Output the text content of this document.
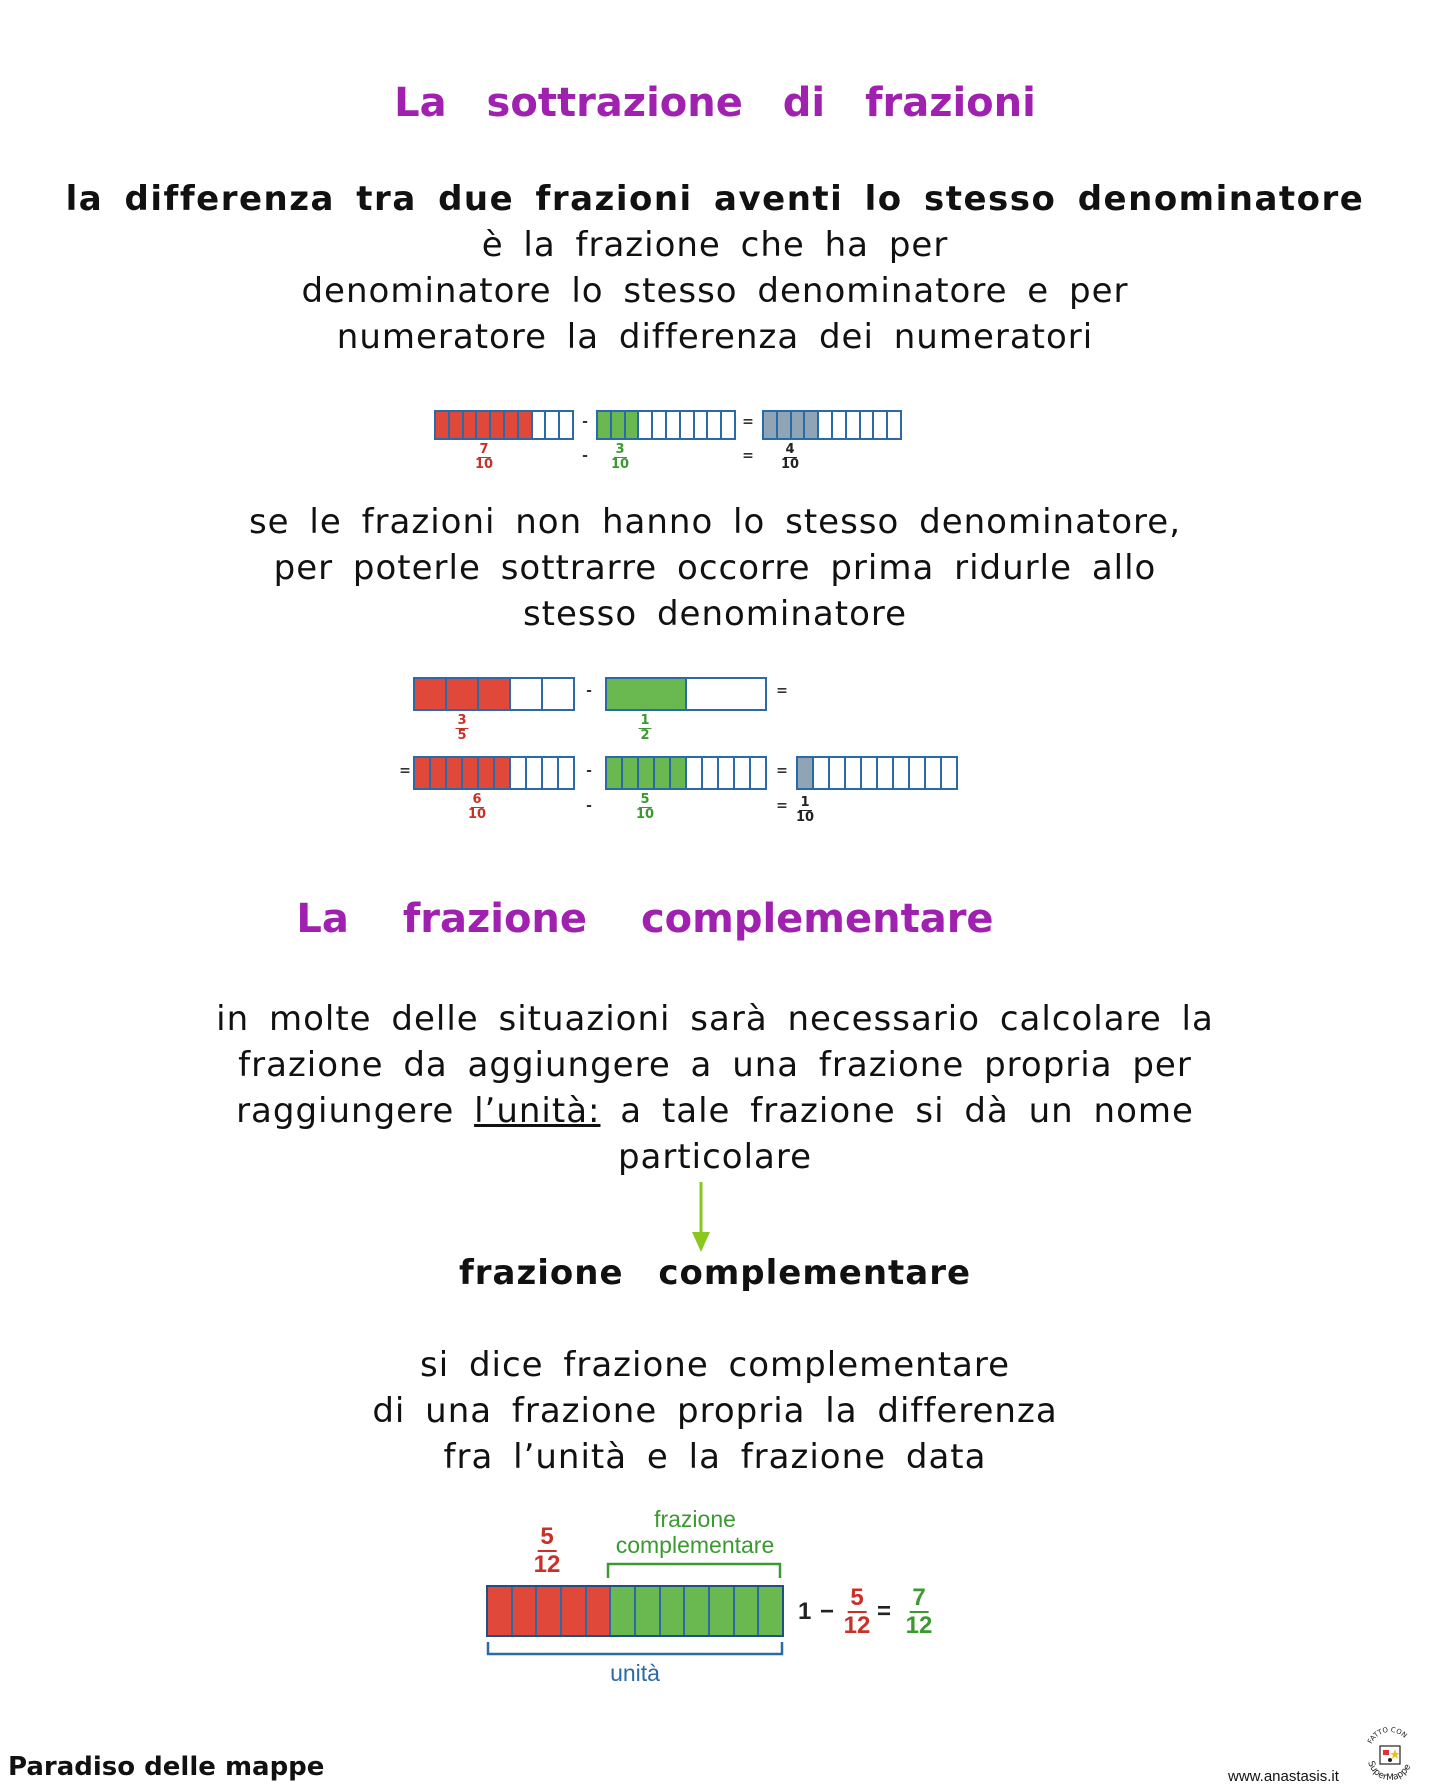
La sottrazione di frazioni
la differenza tra due frazioni aventi lo stesso denominatore
è la frazione che ha per
denominatore lo stesso denominatore e per
numeratore la differenza dei numeratori
-	=
$\frac{7}{10}$	- $\frac{3}{10}$	= $\frac{4}{10}$
se le frazioni non hanno lo stesso denominatore,
per poterle sottrarre occorre prima ridurle allo
stesso denominatore
-	=
$\frac{3}{5}$	$\frac{1}{2}$
=	-	=
$\frac{6}{10}$	-	$\frac{5}{10}$	= $\frac{1}{10}$
La frazione complementare
in molte delle situazioni sarà necessario calcolare la
frazione da aggiungere a una frazione propria per
raggiungere l’unità: a tale frazione si dà un nome
particolare
frazione complementare
si dice frazione complementare
di una frazione propria la differenza
fra l’unità e la frazione data
5
12
frazione
complementare
unità
1 −
5
12
=
7
12
Paradiso delle mappe	www.anastasis.it
FATTO CON
SuperMappe
